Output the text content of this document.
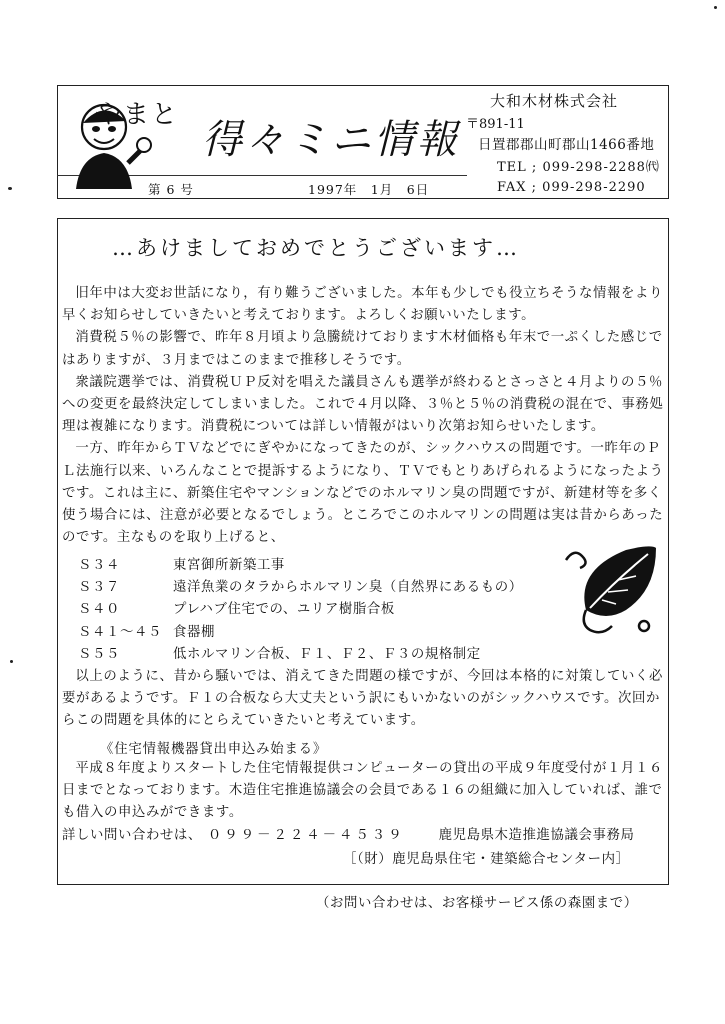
やまと
得々ミニ情報
大和木材株式会社
〒891-11
日置郡郡山町郡山1466番地
TEL ; 099-298-2288㈹
FAX ; 099-298-2290
第 6 号	1997年　1月　6日
…あけましておめでとうございます…

旧年中は大変お世話になり，有り難うございました。本年も少しでも役立ちそうな情報をより早くお知らせしていきたいと考えております。よろしくお願いいたします。

消費税５％の影響で、昨年８月頃より急騰続けております木材価格も年末で一ぷくした感じではありますが、３月まではこのままで推移しそうです。

衆議院選挙では、消費税ＵＰ反対を唱えた議員さんも選挙が終わるとさっさと４月よりの５％への変更を最終決定してしまいました。これで４月以降、３％と５％の消費税の混在で、事務処理は複雑になります。消費税については詳しい情報がはいり次第お知らせいたします。

一方、昨年からＴＶなどでにぎやかになってきたのが、シックハウスの問題です。一昨年のＰＬ法施行以来、いろんなことで提訴するようになり、ＴＶでもとりあげられるようになったようです。これは主に、新築住宅やマンションなどでのホルマリン臭の問題ですが、新建材等を多く使う場合には、注意が必要となるでしょう。ところでこのホルマリンの問題は実は昔からあったのです。主なものを取り上げると、

Ｓ３４	東宮御所新築工事
Ｓ３７	遠洋魚業のタラからホルマリン臭（自然界にあるもの）
Ｓ４０	プレハブ住宅での、ユリア樹脂合板
Ｓ４１～４５ 食器棚
Ｓ５５	低ホルマリン合板、Ｆ１、Ｆ２、Ｆ３の規格制定

以上のように、昔から騒いでは、消えてきた問題の様ですが、今回は本格的に対策していく必要があるようです。Ｆ１の合板なら大丈夫という訳にもいかないのがシックハウスです。次回からこの問題を具体的にとらえていきたいと考えています。

《住宅情報機器貸出申込み始まる》

平成８年度よりスタートした住宅情報提供コンピューターの貸出の平成９年度受付が１月１６日までとなっております。木造住宅推進協議会の会員である１６の組織に加入していれば、誰でも借入の申込みができます。

詳しい問い合わせは、 ０９９－２２４－４５３９	鹿児島県木造推進協議会事務局
［（財）鹿児島県住宅・建築総合センター内］
（お問い合わせは、お客様サービス係の森園まで）
